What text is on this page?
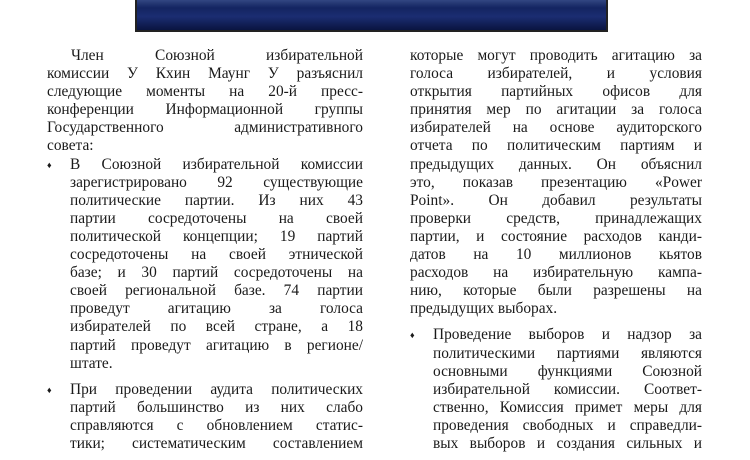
Член Союзной избирательной
комиссии У Кхин Маунг У разъяснил
следующие моменты на 20-й пресс-
конференции Информационной группы
Государственного административного
совета:
♦ В Союзной избирательной комиссии
зарегистрировано 92 существующие
политические партии. Из них 43
партии сосредоточены на своей
политической концепции; 19 партий
сосредоточены на своей этнической
базе; и 30 партий сосредоточены на
своей региональной базе. 74 партии
проведут агитацию за голоса
избирателей по всей стране, а 18
партий проведут агитацию в регионе/
штате.
♦ При проведении аудита политических
партий большинство из них слабо
справляются с обновлением статис-
тики; систематическим составлением
которые могут проводить агитацию за
голоса избирателей, и условия
открытия партийных офисов для
принятия мер по агитации за голоса
избирателей на основе аудиторского
отчета по политическим партиям и
предыдущих данных. Он объяснил
это, показав презентацию «Power
Point». Он добавил результаты
проверки средств, принадлежащих
партии, и состояние расходов канди-
датов на 10 миллионов кьятов
расходов на избирательную кампа-
нию, которые были разрешены на
предыдущих выборах.
♦ Проведение выборов и надзор за
политическими партиями являются
основными функциями Союзной
избирательной комиссии. Соответ-
ственно, Комиссия примет меры для
проведения свободных и справедли-
вых выборов и создания сильных и
